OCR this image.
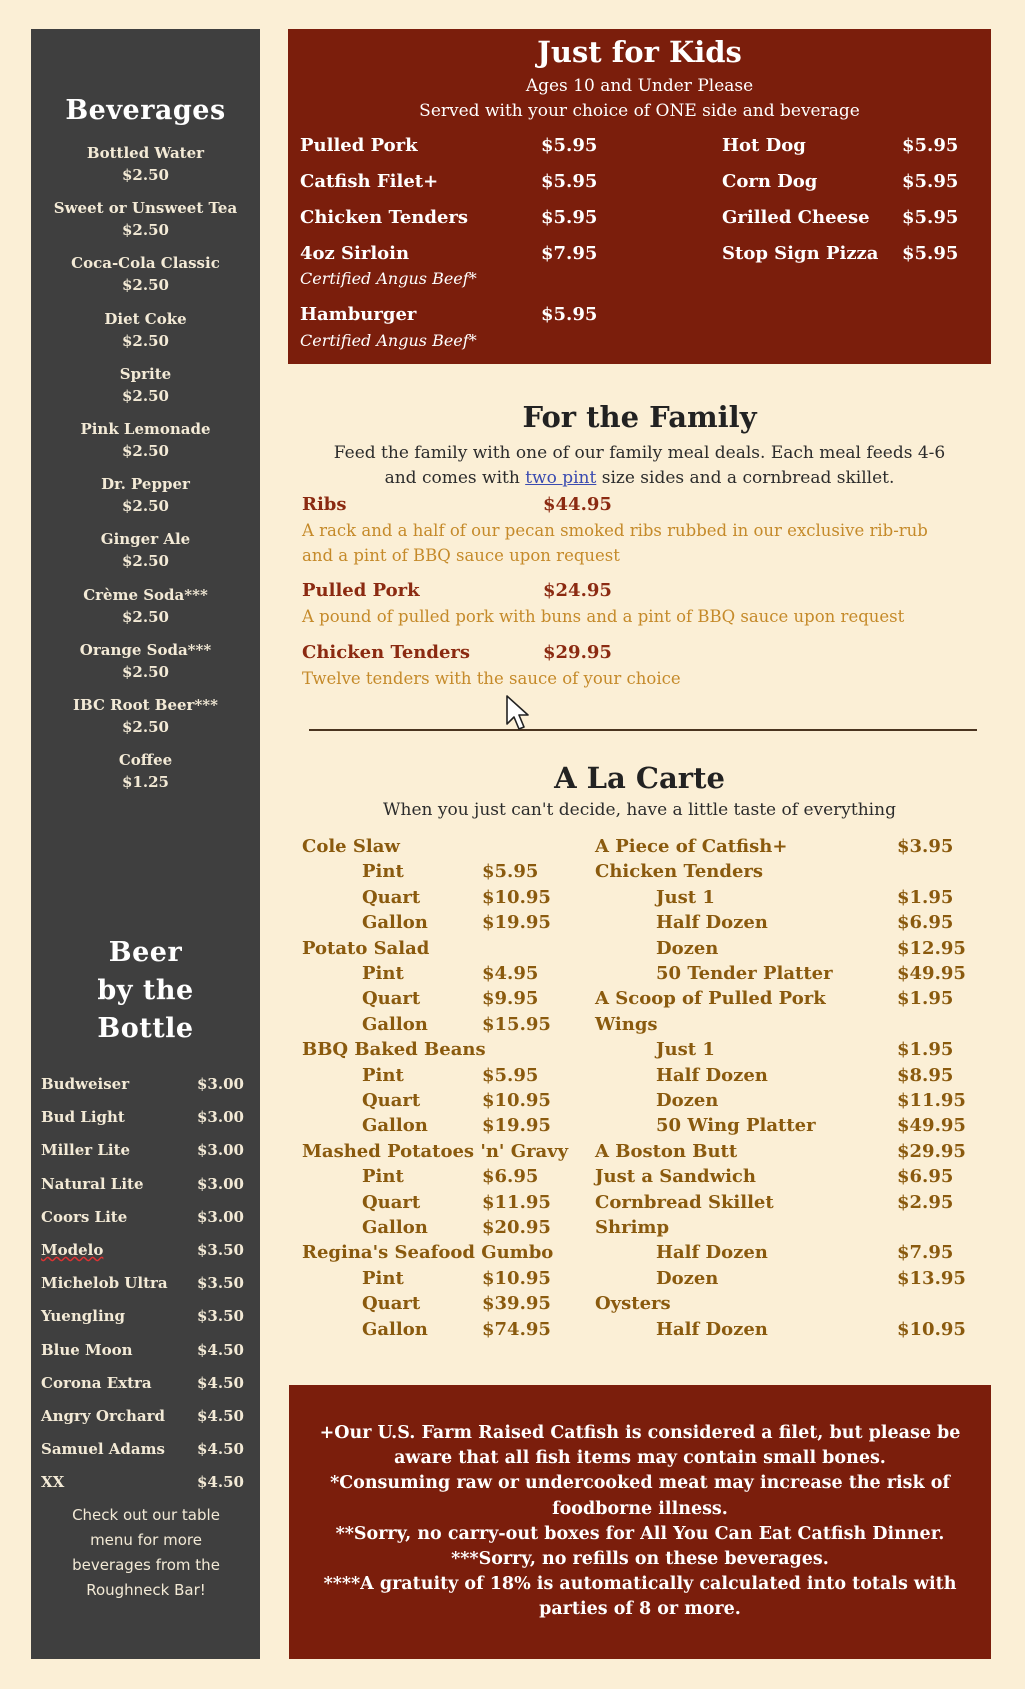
Beverages
Bottled Water
$2.50
Sweet or Unsweet Tea
$2.50
Coca-Cola Classic
$2.50
Diet Coke
$2.50
Sprite
$2.50
Pink Lemonade
$2.50
Dr. Pepper
$2.50
Ginger Ale
$2.50
Crème Soda***
$2.50
Orange Soda***
$2.50
IBC Root Beer***
$2.50
Coffee
$1.25
Beer
by the
Bottle
Budweiser	$3.00
Bud Light	$3.00
Miller Lite	$3.00
Natural Lite	$3.00
Coors Lite	$3.00
Modelo	$3.50
Michelob Ultra $3.50
Yuengling	$3.50
Blue Moon	$4.50
Corona Extra	$4.50
Angry Orchard $4.50
Samuel Adams $4.50
XX	$4.50
Check out our table
menu for more
beverages from the
Roughneck Bar!
Just for Kids
Ages 10 and Under Please
Served with your choice of ONE side and beverage
Pulled Pork	$5.95
Catfish Filet+	$5.95
Chicken Tenders	$5.95
4oz Sirloin	$7.95
Certified Angus Beef*
Hamburger	$5.95
Certified Angus Beef*
Hot Dog	$5.95
Corn Dog	$5.95
Grilled Cheese $5.95
Stop Sign Pizza $5.95
For the Family
Feed the family with one of our family meal deals. Each meal feeds 4-6
and comes with two pint size sides and a cornbread skillet.
Ribs	$44.95
A rack and a half of our pecan smoked ribs rubbed in our exclusive rib-rub
and a pint of BBQ sauce upon request
Pulled Pork	$24.95
A pound of pulled pork with buns and a pint of BBQ sauce upon request
Chicken Tenders	$29.95
Twelve tenders with the sauce of your choice
A La Carte
When you just can't decide, have a little taste of everything
Cole Slaw
Pint	$5.95
Quart	$10.95
Gallon	$19.95
Potato Salad
Pint	$4.95
Quart	$9.95
Gallon	$15.95
BBQ Baked Beans
Pint	$5.95
Quart	$10.95
Gallon	$19.95
Mashed Potatoes 'n' Gravy
Pint	$6.95
Quart	$11.95
Gallon	$20.95
Regina's Seafood Gumbo
Pint	$10.95
Quart	$39.95
Gallon	$74.95
A Piece of Catfish+	$3.95
Chicken Tenders
Just 1	$1.95
Half Dozen	$6.95
Dozen	$12.95
50 Tender Platter	$49.95
A Scoop of Pulled Pork	$1.95
Wings
Just 1	$1.95
Half Dozen	$8.95
Dozen	$11.95
50 Wing Platter	$49.95
A Boston Butt	$29.95
Just a Sandwich	$6.95
Cornbread Skillet	$2.95
Shrimp
Half Dozen	$7.95
Dozen	$13.95
Oysters
Half Dozen	$10.95
+Our U.S. Farm Raised Catfish is considered a filet, but please be
aware that all fish items may contain small bones.
*Consuming raw or undercooked meat may increase the risk of
foodborne illness.
**Sorry, no carry-out boxes for All You Can Eat Catfish Dinner.
***Sorry, no refills on these beverages.
****A gratuity of 18% is automatically calculated into totals with
parties of 8 or more.
